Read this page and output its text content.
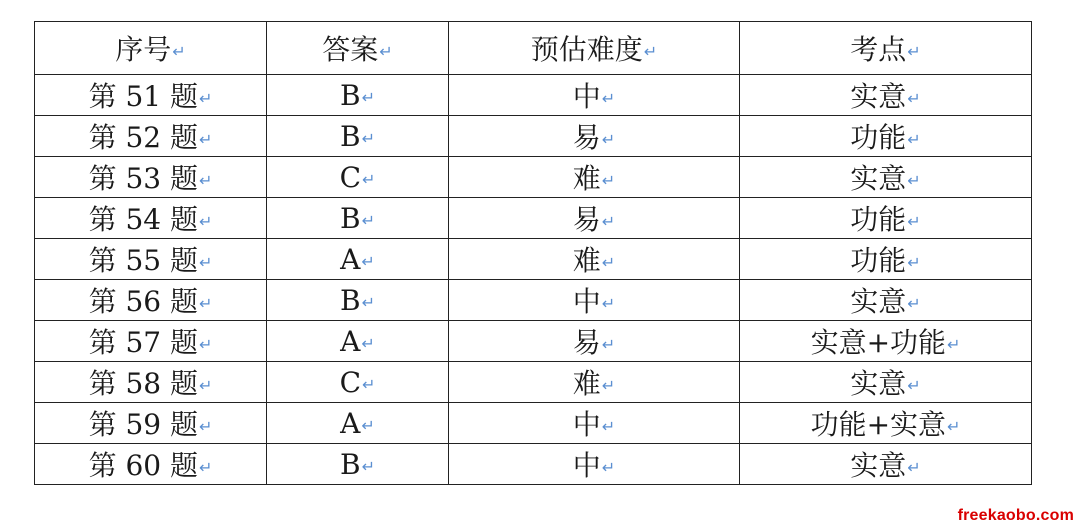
序号↵	答案↵	预估难度↵	考点↵
第 51 题↵	B↵	中↵	实意↵
第 52 题↵	B↵	易↵	功能↵
第 53 题↵	C↵	难↵	实意↵
第 54 题↵	B↵	易↵	功能↵
第 55 题↵	A↵	难↵	功能↵
第 56 题↵	B↵	中↵	实意↵
第 57 题↵	A↵	易↵	实意+功能↵
第 58 题↵	C↵	难↵	实意↵
第 59 题↵	A↵	中↵	功能+实意↵
第 60 题↵	B↵	中↵	实意↵
freekaobo.com
